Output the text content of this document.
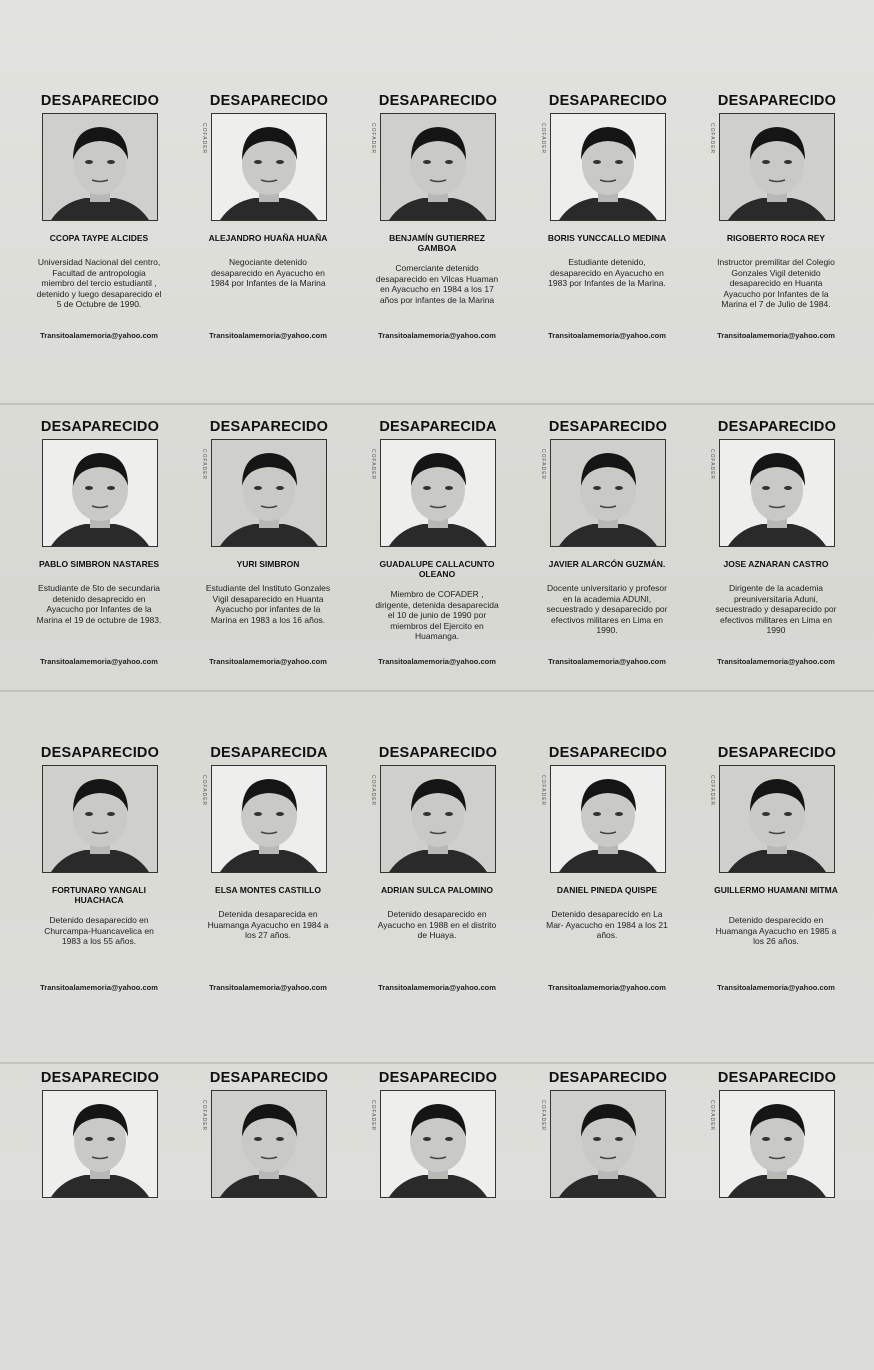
DESAPARECIDO
CCOPA TAYPE ALCIDES
Universidad Nacional del centro, Facultad de antropologia miembro del tercio estudiantil , detenido y luego desaparecido el 5 de Octubre de 1990.
Transitoalamemoria@yahoo.com
DESAPARECIDO
COFADER
ALEJANDRO HUAÑA HUAÑA
Negociante detenido desaparecido en Ayacucho en 1984 por Infantes de la Marina
Transitoalamemoria@yahoo.com
DESAPARECIDO
COFADER
BENJAMÍN GUTIERREZ GAMBOA
Comerciante detenido desaparecido en Vilcas Huaman en Ayacucho en 1984 a los 17 años por infantes de la Marina
Transitoalamemoria@yahoo.com
DESAPARECIDO
COFADER
BORIS YUNCCALLO MEDINA
Estudiante detenido, desaparecido en Ayacucho en 1983 por Infantes de la Marina.
Transitoalamemoria@yahoo.com
DESAPARECIDO
COFADER
RIGOBERTO ROCA REY
Instructor premilitar del Colegio Gonzales Vigil detenido desaparecido en Huanta Ayacucho por Infantes de la Marina el 7 de Julio de 1984.
Transitoalamemoria@yahoo.com
DESAPARECIDO
PABLO SIMBRON NASTARES
Estudiante de 5to de secundaria detenido desaprecido en Ayacucho por Infantes de la Marina el 19 de octubre de 1983.
Transitoalamemoria@yahoo.com
DESAPARECIDO
COFADER
YURI SIMBRON
Estudiante del Instituto Gonzales Vigil desaparecido en Huanta Ayacucho por infantes de la Marina en 1983 a los 16 años.
Transitoalamemoria@yahoo.com
DESAPARECIDA
COFADER
GUADALUPE CALLACUNTO OLEANO
Miembro de COFADER , dirigente, detenida desaparecida el 10 de junio de 1990 por miembros del Ejercito en Huamanga.
Transitoalamemoria@yahoo.com
DESAPARECIDO
COFADER
JAVIER ALARCÓN GUZMÁN.
Docente universitario y profesor en la academia ADUNI, secuestrado y desaparecido por efectivos militares en Lima en 1990.
Transitoalamemoria@yahoo.com
DESAPARECIDO
COFADER
JOSE AZNARAN CASTRO
Dirigente de la academia preuniversitaria Aduni, secuestrado y desaparecido por efectivos militares en Lima en 1990
Transitoalamemoria@yahoo.com
DESAPARECIDO
FORTUNARO YANGALI HUACHACA
Detenido desaparecido en Churcampa-Huancavelica en 1983 a los 55 años.
Transitoalamemoria@yahoo.com
DESAPARECIDA
COFADER
ELSA MONTES CASTILLO
Detenida desaparecida en Huamanga Ayacucho en 1984 a los 27 años.
Transitoalamemoria@yahoo.com
DESAPARECIDO
COFADER
ADRIAN SULCA PALOMINO
Detenido desaparecido en Ayacucho en 1988 en el distrito de Huaya.
Transitoalamemoria@yahoo.com
DESAPARECIDO
COFADER
DANIEL PINEDA QUISPE
Detenido desaparecido en La Mar- Ayacucho en 1984 a los 21 años.
Transitoalamemoria@yahoo.com
DESAPARECIDO
COFADER
GUILLERMO HUAMANI MITMA
Detenido desparecido en Huamanga Ayacucho en 1985 a los 26 años.
Transitoalamemoria@yahoo.com
DESAPARECIDO	DESAPARECIDO
COFADER
DESAPARECIDO
COFADER
DESAPARECIDO
COFADER
DESAPARECIDO
COFADER
